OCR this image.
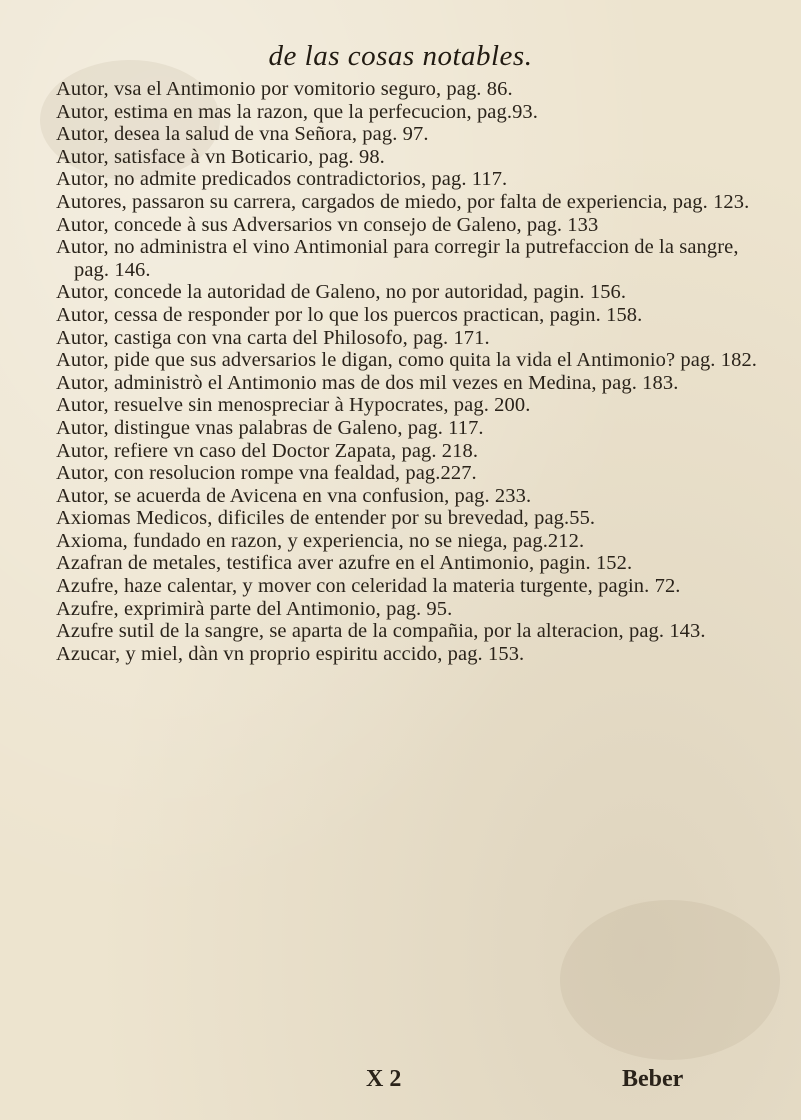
de las cosas notables.
Autor, vsa el Antimonio por vomitorio seguro, pag. 86.
Autor, estima en mas la razon, que la perfecucion, pag.93.
Autor, desea la salud de vna Señora, pag. 97.
Autor, satisface à vn Boticario, pag. 98.
Autor, no admite predicados contradictorios, pag. 117.
Autores, passaron su carrera, cargados de miedo, por falta de experiencia, pag. 123.
Autor, concede à sus Adversarios vn consejo de Galeno, pag. 133
Autor, no administra el vino Antimonial para corregir la putrefaccion de la sangre, pag. 146.
Autor, concede la autoridad de Galeno, no por autoridad, pagin. 156.
Autor, cessa de responder por lo que los puercos practican, pagin. 158.
Autor, castiga con vna carta del Philosofo, pag. 171.
Autor, pide que sus adversarios le digan, como quita la vida el Antimonio? pag. 182.
Autor, administrò el Antimonio mas de dos mil vezes en Medina, pag. 183.
Autor, resuelve sin menospreciar à Hypocrates, pag. 200.
Autor, distingue vnas palabras de Galeno, pag. 117.
Autor, refiere vn caso del Doctor Zapata, pag. 218.
Autor, con resolucion rompe vna fealdad, pag.227.
Autor, se acuerda de Avicena en vna confusion, pag. 233.
Axiomas Medicos, dificiles de entender por su brevedad, pag.55.
Axioma, fundado en razon, y experiencia, no se niega, pag.212.
Azafran de metales, testifica aver azufre en el Antimonio, pagin. 152.
Azufre, haze calentar, y mover con celeridad la materia turgente, pagin. 72.
Azufre, exprimirà parte del Antimonio, pag. 95.
Azufre sutil de la sangre, se aparta de la compañia, por la alteracion, pag. 143.
Azucar, y miel, dàn vn proprio espiritu accido, pag. 153.
X 2	Beber
